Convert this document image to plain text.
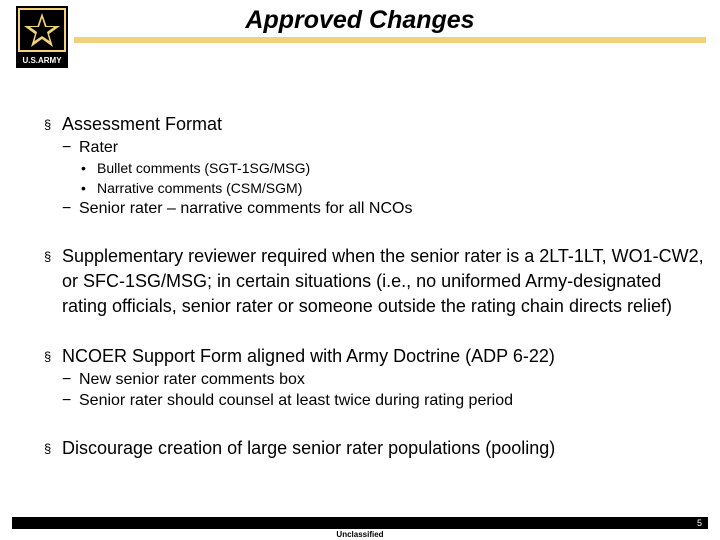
U.S.ARMY
Approved Changes
§ Assessment Format
− Rater
• Bullet comments (SGT-1SG/MSG)
• Narrative comments (CSM/SGM)
− Senior rater – narrative comments for all NCOs
§ Supplementary reviewer required when the senior rater is a 2LT-1LT, WO1-CW2, or SFC-1SG/MSG; in certain situations (i.e., no uniformed Army-designated rating officials, senior rater or someone outside the rating chain directs relief)
§ NCOER Support Form aligned with Army Doctrine (ADP 6-22)
− New senior rater comments box
− Senior rater should counsel at least twice during rating period
§ Discourage creation of large senior rater populations (pooling)
5
Unclassified
